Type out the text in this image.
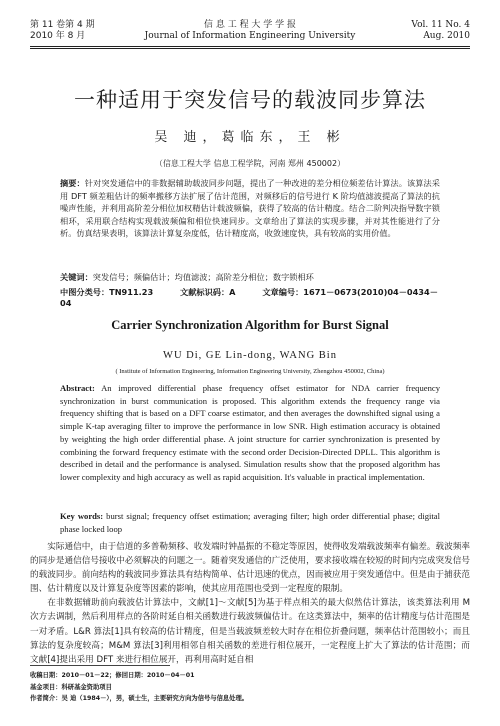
第 11 卷第 4 期
2010 年 8 月
信 息 工 程 大 学 学 报
Journal of Information Engineering University
Vol. 11 No. 4
Aug. 2010
一种适用于突发信号的载波同步算法
吴 迪，葛临东，王 彬
（信息工程大学 信息工程学院，河南 郑州 450002）
摘要：针对突发通信中的非数据辅助载波同步问题，提出了一种改进的差分相位频差估计算法。该算法采用 DFT 频差粗估计的频率搬移方法扩展了估计范围，对频移后的信号进行 K 阶均值滤波提高了算法的抗噪声性能，并利用高阶差分相位加权精估计载波频偏，获得了较高的估计精度。结合二阶判决指导数字锁相环，采用联合结构实现载波频偏和相位快速同步。文章给出了算法的实现步骤，并对其性能进行了分析。仿真结果表明，该算法计算复杂度低，估计精度高，收敛速度快，具有较高的实用价值。
关键词：突发信号；频偏估计；均值滤波；高阶差分相位；数字锁相环
中图分类号：TN911.23	文献标识码：A	文章编号：1671－0673(2010)04－0434－04
Carrier Synchronization Algorithm for Burst Signal
WU Di, GE Lin-dong, WANG Bin
( Institute of Information Engineering, Information Engineering University, Zhengzhou 450002, China)
Abstract: An improved differential phase frequency offset estimator for NDA carrier frequency synchronization in burst communication is proposed. This algorithm extends the frequency range via frequency shifting that is based on a DFT coarse estimator, and then averages the downshifted signal using a simple K-tap averaging filter to improve the performance in low SNR. High estimation accuracy is obtained by weighting the high order differential phase. A joint structure for carrier synchronization is presented by combining the forward frequency estimate with the second order Decision-Directed DPLL. This algorithm is described in detail and the performance is analysed. Simulation results show that the proposed algorithm has lower complexity and high accuracy as well as rapid acquisition. It's valuable in practical implementation.
Key words: burst signal; frequency offset estimation; averaging filter; high order differential phase; digital phase locked loop

实际通信中，由于信道的多普勒频移、收发端时钟晶振的不稳定等原因，使得收发端载波频率有偏差。载波频率的同步是通信信号接收中必须解决的问题之一。随着突发通信的广泛使用，要求接收端在较短的时间内完成突发信号的载波同步。前向结构的载波同步算法具有结构简单、估计迅速的优点，因而被应用于突发通信中。但是由于捕获范围、估计精度以及计算复杂度等因素的影响，使其应用范围也受到一定程度的限制。

在非数据辅助前向载波估计算法中，文献[1]～文献[5]为基于样点相关的最大似然估计算法，该类算法利用 M 次方去调制，然后利用样点的各阶时延自相关函数进行载波频偏估计。在这类算法中，频率的估计精度与估计范围是一对矛盾。L&R 算法[1]具有较高的估计精度，但是当载波频差较大时存在相位折叠问题，频率估计范围较小；而且算法的复杂度较高；M&M 算法[3]利用相邻自相关函数的差进行相位展开，一定程度上扩大了算法的估计范围；而文献[4]提出采用 DFT 来进行相位展开，再利用高时延自相

收稿日期：2010－01－22；修回日期：2010－04－01
基金项目：科研基金资助项目
作者简介：吴 迪（1984－），男，硕士生，主要研究方向为信号与信息处理。
